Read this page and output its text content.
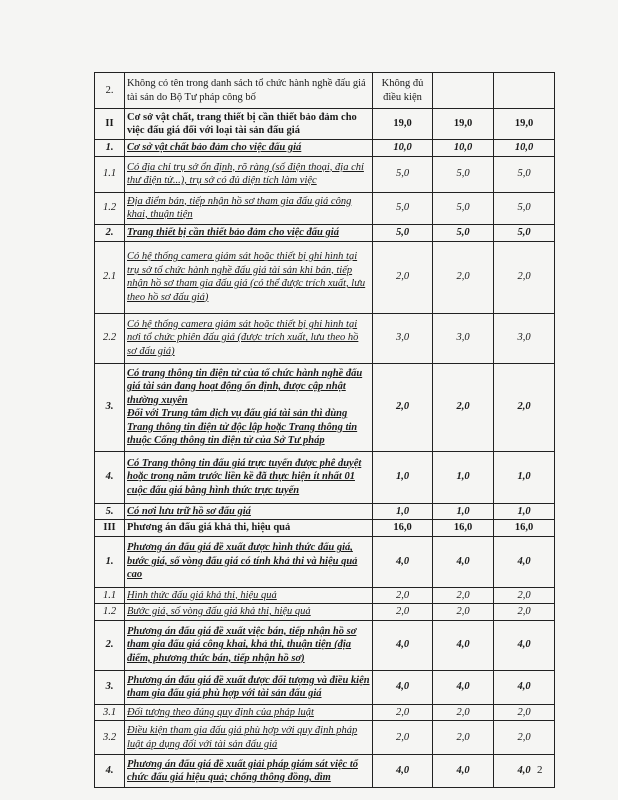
2.	Không có tên trong danh sách tổ chức hành nghề đấu giá tài sản do Bộ Tư pháp công bố	Không đủ điều kiện		
II	Cơ sở vật chất, trang thiết bị cần thiết bảo đảm cho việc đấu giá đối với loại tài sản đấu giá	19,0	19,0	19,0
1.	Cơ sở vật chất bảo đảm cho việc đấu giá	10,0	10,0	10,0
1.1	Có địa chỉ trụ sở ổn định, rõ ràng (số điện thoại, địa chỉ thư điện tử...), trụ sở có đủ diện tích làm việc	5,0	5,0	5,0
1.2	Địa điểm bán, tiếp nhận hồ sơ tham gia đấu giá công khai, thuận tiện	5,0	5,0	5,0
2.	Trang thiết bị cần thiết bảo đảm cho việc đấu giá	5,0	5,0	5,0
2.1	Có hệ thống camera giám sát hoặc thiết bị ghi hình tại trụ sở tổ chức hành nghề đấu giá tài sản khi bán, tiếp nhận hồ sơ tham gia đấu giá (có thể được trích xuất, lưu theo hồ sơ đấu giá)	2,0	2,0	2,0
2.2	Có hệ thống camera giám sát hoặc thiết bị ghi hình tại nơi tổ chức phiên đấu giá (được trích xuất, lưu theo hồ sơ đấu giá)	3,0	3,0	3,0
3.	Có trang thông tin điện tử của tổ chức hành nghề đấu giá tài sản đang hoạt động ổn định, được cập nhật thường xuyên
Đối với Trung tâm dịch vụ đấu giá tài sản thì dùng Trang thông tin điện tử độc lập hoặc Trang thông tin thuộc Cổng thông tin điện tử của Sở Tư pháp	2,0	2,0	2,0
4.	Có Trang thông tin đấu giá trực tuyến được phê duyệt hoặc trong năm trước liền kề đã thực hiện ít nhất 01 cuộc đấu giá bằng hình thức trực tuyến	1,0	1,0	1,0
5.	Có nơi lưu trữ hồ sơ đấu giá	1,0	1,0	1,0
III	Phương án đấu giá khả thi, hiệu quả	16,0	16,0	16,0
1.	Phương án đấu giá đề xuất được hình thức đấu giá, bước giá, số vòng đấu giá có tính khả thi và hiệu quả cao	4,0	4,0	4,0
1.1	Hình thức đấu giá khả thi, hiệu quả	2,0	2,0	2,0
1.2	Bước giá, số vòng đấu giá khả thi, hiệu quả	2,0	2,0	2,0
2.	Phương án đấu giá đề xuất việc bán, tiếp nhận hồ sơ tham gia đấu giá công khai, khả thi, thuận tiện (địa điểm, phương thức bán, tiếp nhận hồ sơ)	4,0	4,0	4,0
3.	Phương án đấu giá đề xuất được đối tượng và điều kiện tham gia đấu giá phù hợp với tài sản đấu giá	4,0	4,0	4,0
3.1	Đối tượng theo đúng quy định của pháp luật	2,0	2,0	2,0
3.2	Điều kiện tham gia đấu giá phù hợp với quy định pháp luật áp dụng đối với tài sản đấu giá	2,0	2,0	2,0
4.	Phương án đấu giá đề xuất giải pháp giám sát việc tổ chức đấu giá hiệu quả; chống thông đồng, dìm	4,0	4,0	4,0 2
